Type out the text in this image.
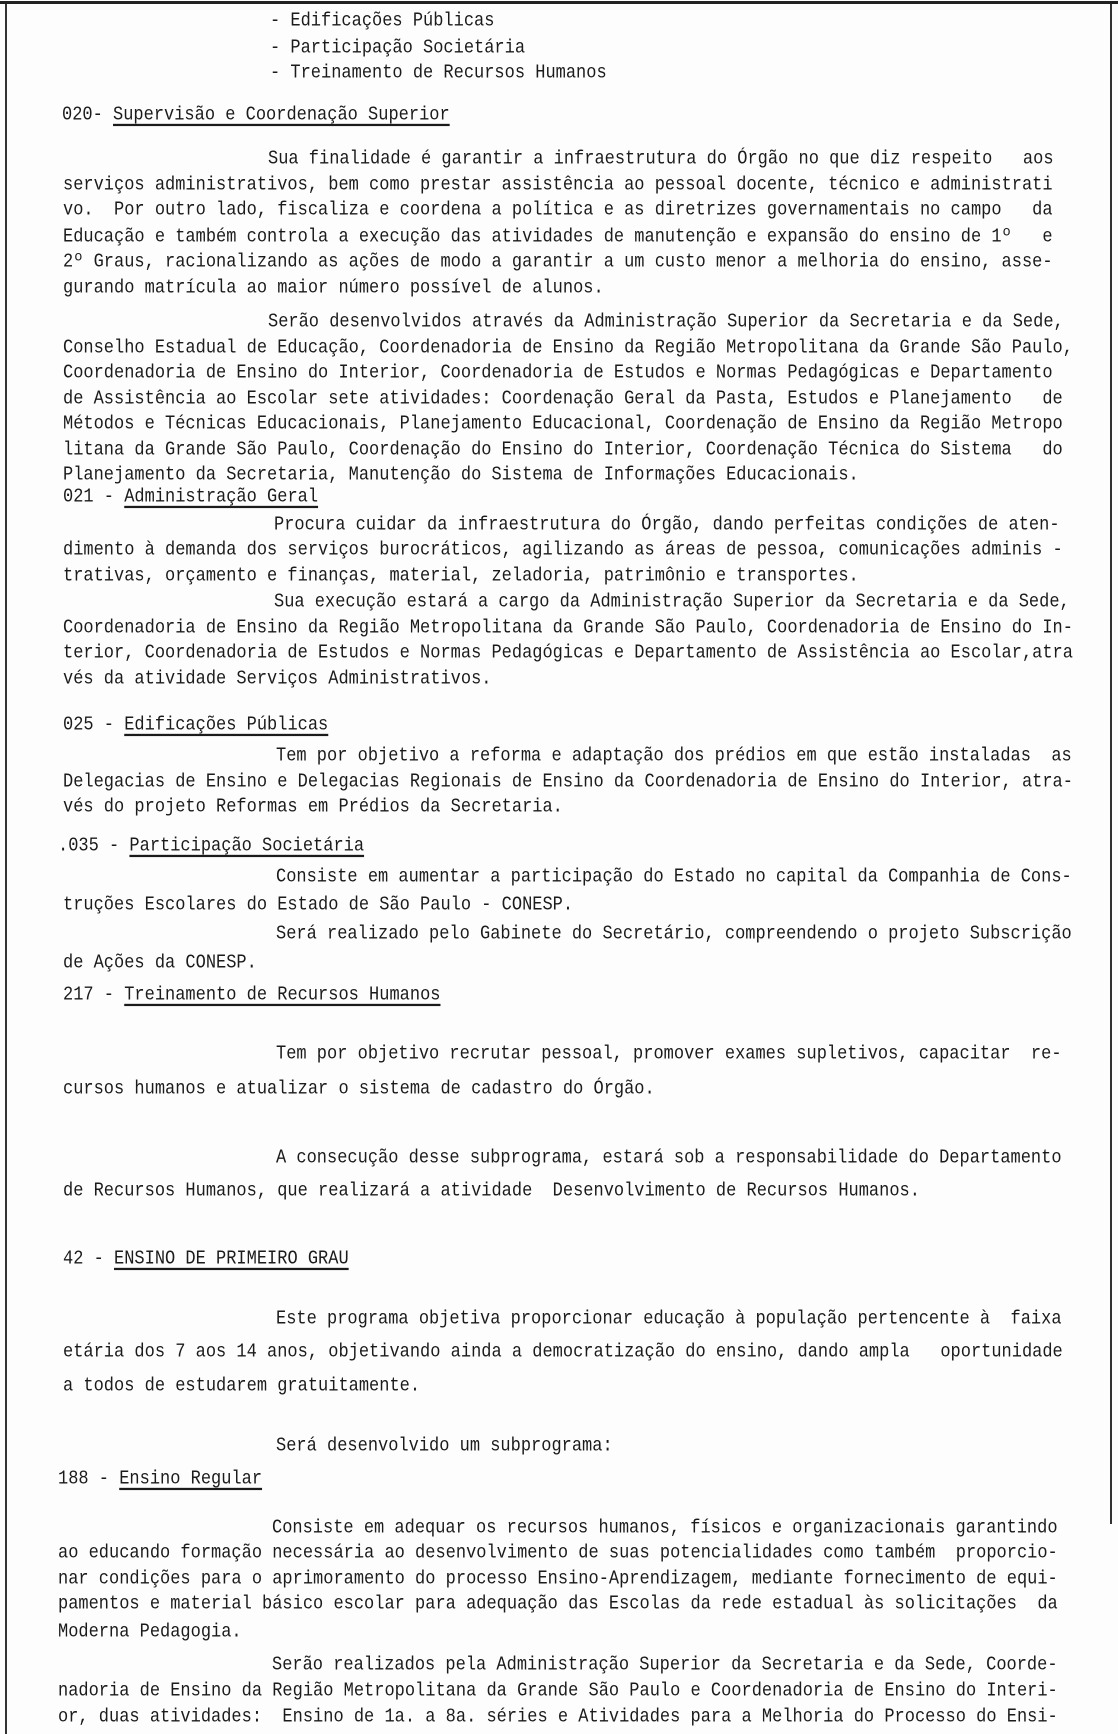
- Edificações Públicas
- Participação Societária
- Treinamento de Recursos Humanos
020- Supervisão e Coordenação Superior
Sua finalidade é garantir a infraestrutura do Órgão no que diz respeito   aos
serviços administrativos, bem como prestar assistência ao pessoal docente, técnico e administrati
vo.  Por outro lado, fiscaliza e coordena a política e as diretrizes governamentais no campo   da
Educação e também controla a execução das atividades de manutenção e expansão do ensino de 1º   e
2º Graus, racionalizando as ações de modo a garantir a um custo menor a melhoria do ensino, asse-
gurando matrícula ao maior número possível de alunos.
Serão desenvolvidos através da Administração Superior da Secretaria e da Sede,
Conselho Estadual de Educação, Coordenadoria de Ensino da Região Metropolitana da Grande São Paulo,
Coordenadoria de Ensino do Interior, Coordenadoria de Estudos e Normas Pedagógicas e Departamento
de Assistência ao Escolar sete atividades: Coordenação Geral da Pasta, Estudos e Planejamento   de
Métodos e Técnicas Educacionais, Planejamento Educacional, Coordenação de Ensino da Região Metropo
litana da Grande São Paulo, Coordenação do Ensino do Interior, Coordenação Técnica do Sistema   do
Planejamento da Secretaria, Manutenção do Sistema de Informações Educacionais.
021 - Administração Geral
Procura cuidar da infraestrutura do Órgão, dando perfeitas condições de aten-
dimento à demanda dos serviços burocráticos, agilizando as áreas de pessoa, comunicações adminis -
trativas, orçamento e finanças, material, zeladoria, patrimônio e transportes.
Sua execução estará a cargo da Administração Superior da Secretaria e da Sede,
Coordenadoria de Ensino da Região Metropolitana da Grande São Paulo, Coordenadoria de Ensino do In-
terior, Coordenadoria de Estudos e Normas Pedagógicas e Departamento de Assistência ao Escolar,atra
vés da atividade Serviços Administrativos.
025 - Edificações Públicas
Tem por objetivo a reforma e adaptação dos prédios em que estão instaladas  as
Delegacias de Ensino e Delegacias Regionais de Ensino da Coordenadoria de Ensino do Interior, atra-
vés do projeto Reformas em Prédios da Secretaria.
.035 - Participação Societária
Consiste em aumentar a participação do Estado no capital da Companhia de Cons-
truções Escolares do Estado de São Paulo - CONESP.
Será realizado pelo Gabinete do Secretário, compreendendo o projeto Subscrição
de Ações da CONESP.
217 - Treinamento de Recursos Humanos
Tem por objetivo recrutar pessoal, promover exames supletivos, capacitar  re-
cursos humanos e atualizar o sistema de cadastro do Órgão.
A consecução desse subprograma, estará sob a responsabilidade do Departamento
de Recursos Humanos, que realizará a atividade  Desenvolvimento de Recursos Humanos.
42 - ENSINO DE PRIMEIRO GRAU
Este programa objetiva proporcionar educação à população pertencente à  faixa
etária dos 7 aos 14 anos, objetivando ainda a democratização do ensino, dando ampla   oportunidade
a todos de estudarem gratuitamente.
Será desenvolvido um subprograma:
188 - Ensino Regular
Consiste em adequar os recursos humanos, físicos e organizacionais garantindo
ao educando formação necessária ao desenvolvimento de suas potencialidades como também  proporcio-
nar condições para o aprimoramento do processo Ensino-Aprendizagem, mediante fornecimento de equi-
pamentos e material básico escolar para adequação das Escolas da rede estadual às solicitações  da
Moderna Pedagogia.
Serão realizados pela Administração Superior da Secretaria e da Sede, Coorde-
nadoria de Ensino da Região Metropolitana da Grande São Paulo e Coordenadoria de Ensino do Interi-
or, duas atividades:  Ensino de 1a. a 8a. séries e Atividades para a Melhoria do Processo do Ensi-
